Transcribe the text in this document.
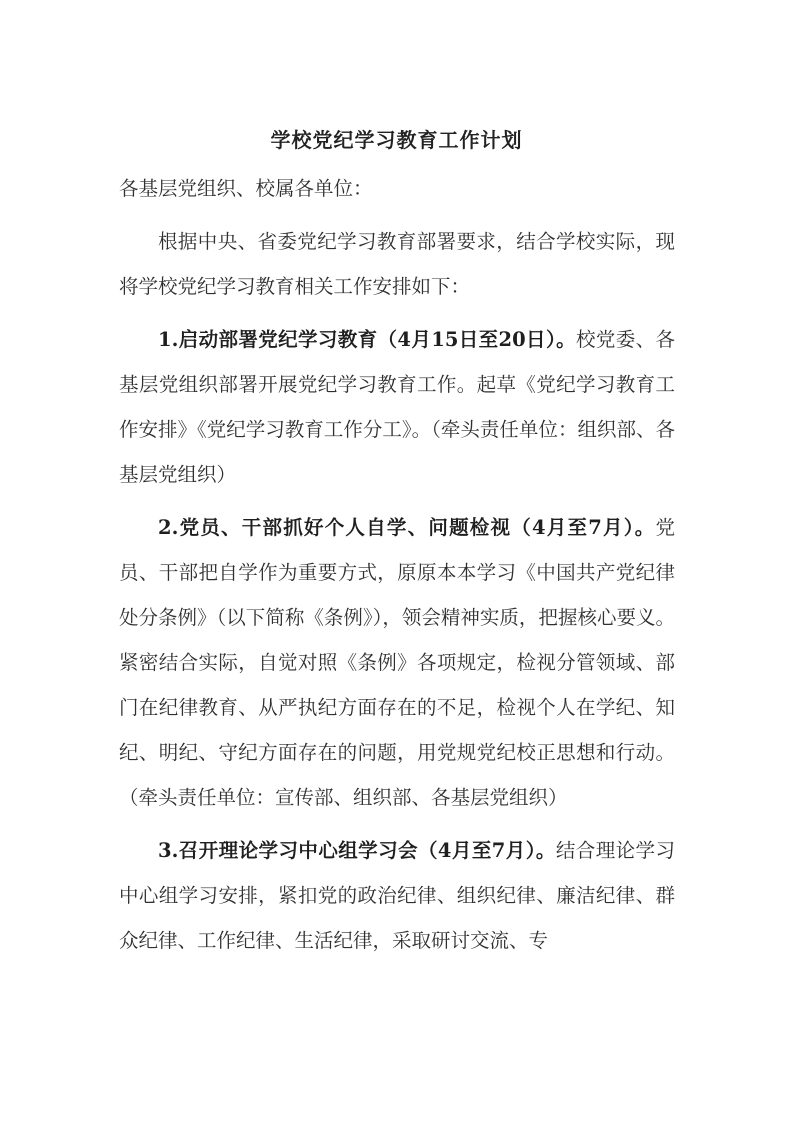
学校党纪学习教育工作计划

各基层党组织、校属各单位：

根据中央、省委党纪学习教育部署要求，结合学校实际，现将学校党纪学习教育相关工作安排如下：

1.启动部署党纪学习教育（4月15日至20日）。校党委、各基层党组织部署开展党纪学习教育工作。起草《党纪学习教育工作安排》《党纪学习教育工作分工》。（牵头责任单位：组织部、各基层党组织）

2.党员、干部抓好个人自学、问题检视（4月至7月）。党员、干部把自学作为重要方式，原原本本学习《中国共产党纪律处分条例》（以下简称《条例》），领会精神实质，把握核心要义。紧密结合实际，自觉对照《条例》各项规定，检视分管领域、部门在纪律教育、从严执纪方面存在的不足，检视个人在学纪、知纪、明纪、守纪方面存在的问题，用党规党纪校正思想和行动。（牵头责任单位：宣传部、组织部、各基层党组织）

3.召开理论学习中心组学习会（4月至7月）。结合理论学习中心组学习安排，紧扣党的政治纪律、组织纪律、廉洁纪律、群众纪律、工作纪律、生活纪律，采取研讨交流、专
